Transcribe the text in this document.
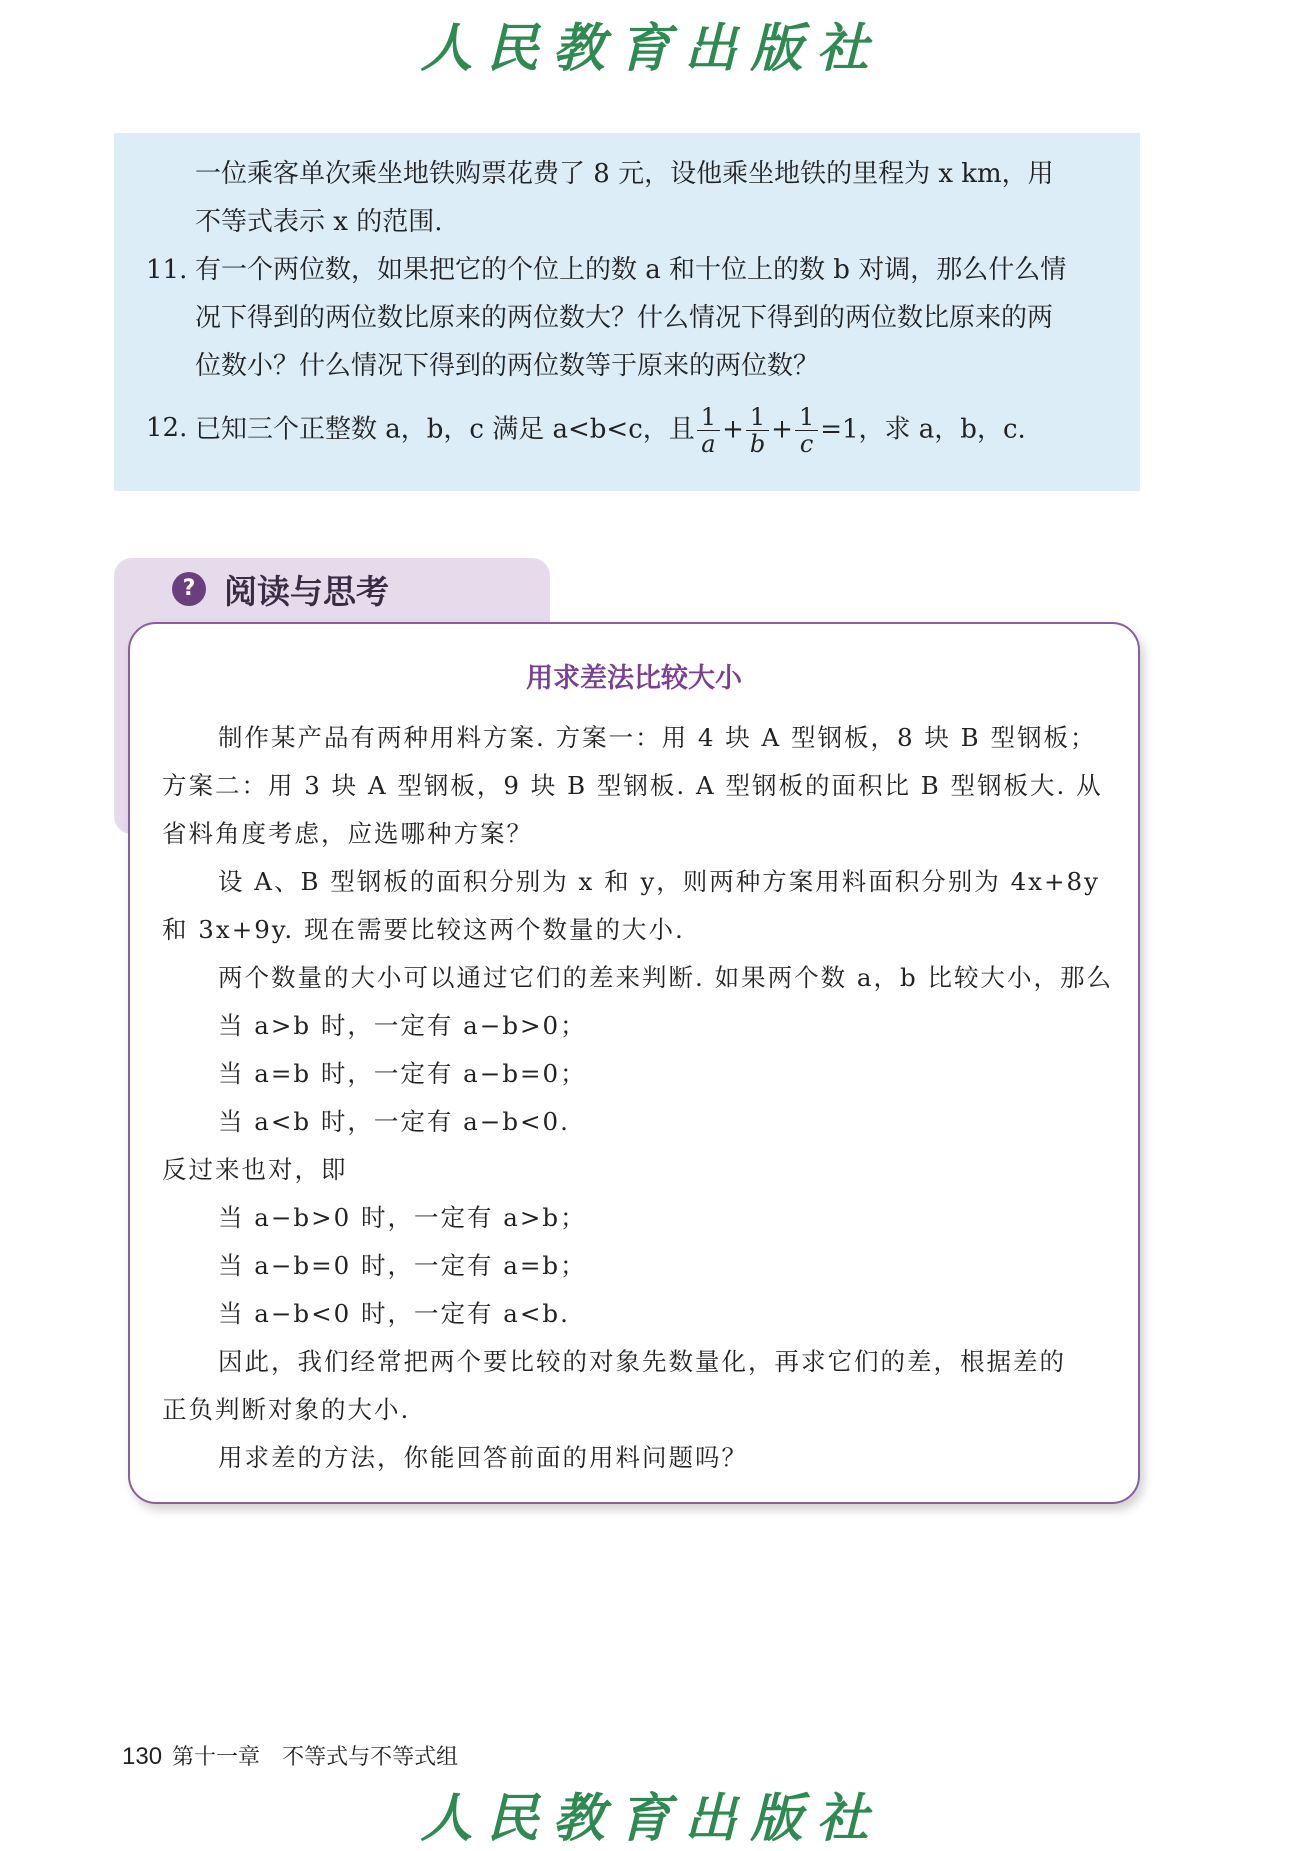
人民教育出版社
一位乘客单次乘坐地铁购票花费了 8 元，设他乘坐地铁的里程为 x km，用
不等式表示 x 的范围.
11. 有一个两位数，如果把它的个位上的数 a 和十位上的数 b 对调，那么什么情
况下得到的两位数比原来的两位数大？什么情况下得到的两位数比原来的两
位数小？什么情况下得到的两位数等于原来的两位数？
12. 已知三个正整数 a，b，c 满足 a<b<c，且 $\frac{1}{a} + \frac{1}{b} + \frac{1}{c} =1$，求 a，b，c.
? 阅读与思考
用求差法比较大小
制作某产品有两种用料方案. 方案一：用 4 块 A 型钢板，8 块 B 型钢板；
方案二：用 3 块 A 型钢板，9 块 B 型钢板. A 型钢板的面积比 B 型钢板大. 从
省料角度考虑，应选哪种方案？
设 A、B 型钢板的面积分别为 x 和 y，则两种方案用料面积分别为 4x+8y
和 3x+9y. 现在需要比较这两个数量的大小.
两个数量的大小可以通过它们的差来判断. 如果两个数 a，b 比较大小，那么
当 a>b 时，一定有 a−b>0；
当 a=b 时，一定有 a−b=0；
当 a<b 时，一定有 a−b<0.
反过来也对，即
当 a−b>0 时，一定有 a>b；
当 a−b=0 时，一定有 a=b；
当 a−b<0 时，一定有 a<b.
因此，我们经常把两个要比较的对象先数量化，再求它们的差，根据差的
正负判断对象的大小.
用求差的方法，你能回答前面的用料问题吗？
130 第十一章 不等式与不等式组
人民教育出版社
